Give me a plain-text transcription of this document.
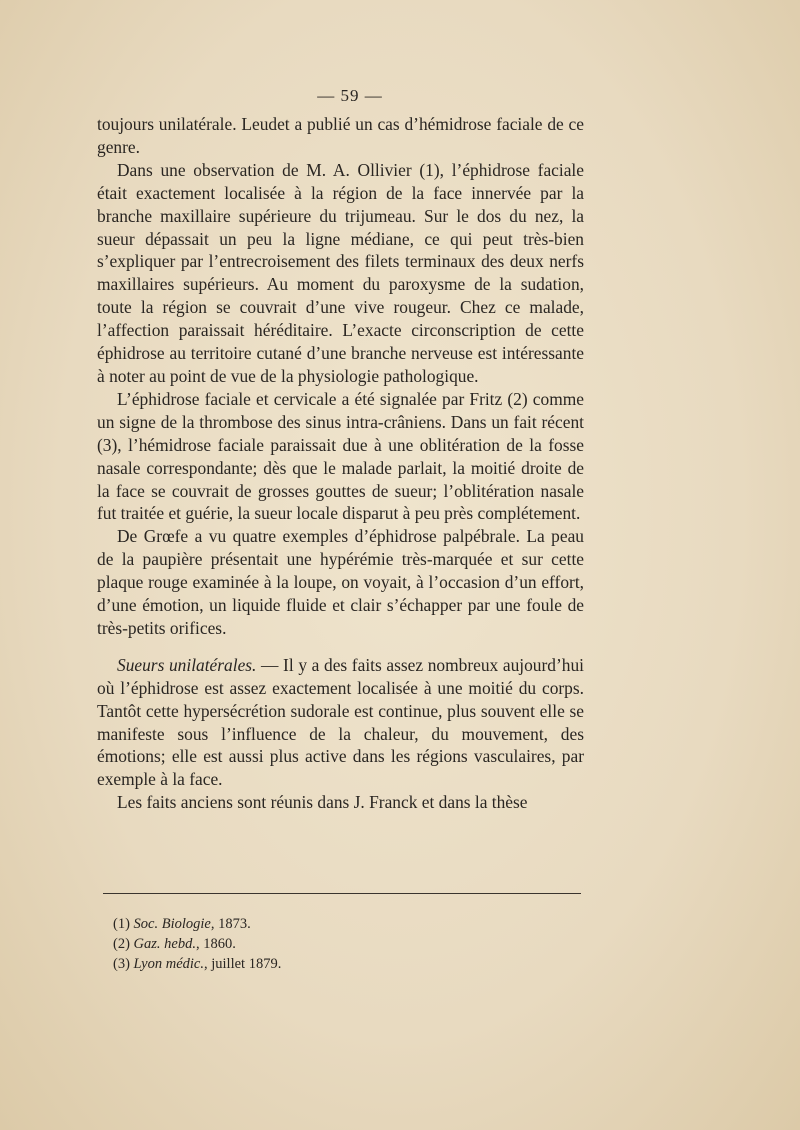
— 59 —

toujours unilatérale. Leudet a publié un cas d’hémidrose faciale de ce genre.

Dans une observation de M. A. Ollivier (1), l’éphidrose faciale était exactement localisée à la région de la face innervée par la branche maxillaire supérieure du trijumeau. Sur le dos du nez, la sueur dépassait un peu la ligne médiane, ce qui peut très-bien s’expliquer par l’entrecroisement des filets terminaux des deux nerfs maxillaires supérieurs. Au moment du paroxysme de la sudation, toute la région se couvrait d’une vive rougeur. Chez ce malade, l’affection paraissait héréditaire. L’exacte circonscription de cette éphidrose au territoire cutané d’une branche nerveuse est intéressante à noter au point de vue de la physiologie pathologique.

L’éphidrose faciale et cervicale a été signalée par Fritz (2) comme un signe de la thrombose des sinus intra-crâniens. Dans un fait récent (3), l’hémidrose faciale paraissait due à une oblitération de la fosse nasale correspondante; dès que le malade parlait, la moitié droite de la face se couvrait de grosses gouttes de sueur; l’oblitération nasale fut traitée et guérie, la sueur locale disparut à peu près complétement.

De Grœfe a vu quatre exemples d’éphidrose palpébrale. La peau de la paupière présentait une hypérémie très-marquée et sur cette plaque rouge examinée à la loupe, on voyait, à l’occasion d’un effort, d’une émotion, un liquide fluide et clair s’échapper par une foule de très-petits orifices.

Sueurs unilatérales. — Il y a des faits assez nombreux aujourd’hui où l’éphidrose est assez exactement localisée à une moitié du corps. Tantôt cette hypersécrétion sudorale est continue, plus souvent elle se manifeste sous l’influence de la chaleur, du mouvement, des émotions; elle est aussi plus active dans les régions vasculaires, par exemple à la face.

Les faits anciens sont réunis dans J. Franck et dans la thèse

(1) Soc. Biologie, 1873.

(2) Gaz. hebd., 1860.

(3) Lyon médic., juillet 1879.
